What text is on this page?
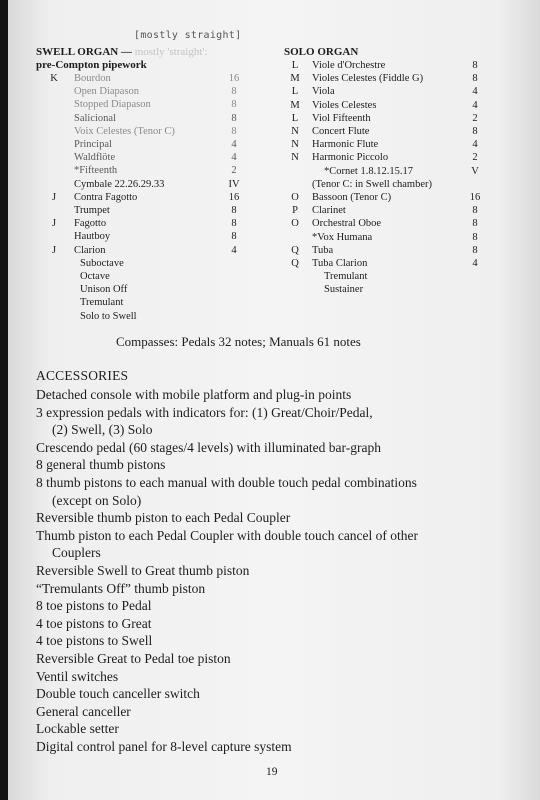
[mostly straight]
SWELL ORGAN — mostly 'straight':
pre-Compton pipework
SOLO ORGAN
K Bourdon	16
Open Diapason	8
Stopped Diapason	8
Salicional	8
Voix Celestes (Tenor C)	8
Principal	4
Waldflöte	4
*Fifteenth	2
Cymbale 22.26.29.33	IV
J	Contra Fagotto	16
Trumpet	8
J	Fagotto	8
Hautboy	8
J	Clarion	4
Suboctave
Octave
Unison Off
Tremulant
Solo to Swell
L	Viole d'Orchestre	8
M Violes Celestes (Fiddle G)	8
L	Viola	4
M Violes Celestes	4
L	Viol Fifteenth	2
N	Concert Flute	8
N	Harmonic Flute	4
N	Harmonic Piccolo	2
*Cornet 1.8.12.15.17	V
(Tenor C: in Swell chamber)
O	Bassoon (Tenor C)	16
P	Clarinet	8
O	Orchestral Oboe	8
*Vox Humana	8
Q	Tuba	8
Q	Tuba Clarion	4
Tremulant
Sustainer
Compasses: Pedals 32 notes; Manuals 61 notes
ACCESSORIES
Detached console with mobile platform and plug-in points
3 expression pedals with indicators for: (1) Great/Choir/Pedal,
(2) Swell, (3) Solo
Crescendo pedal (60 stages/4 levels) with illuminated bar-graph
8 general thumb pistons
8 thumb pistons to each manual with double touch pedal combinations
(except on Solo)
Reversible thumb piston to each Pedal Coupler
Thumb piston to each Pedal Coupler with double touch cancel of other
Couplers
Reversible Swell to Great thumb piston
“Tremulants Off” thumb piston
8 toe pistons to Pedal
4 toe pistons to Great
4 toe pistons to Swell
Reversible Great to Pedal toe piston
Ventil switches
Double touch canceller switch
General canceller
Lockable setter
Digital control panel for 8-level capture system
19
